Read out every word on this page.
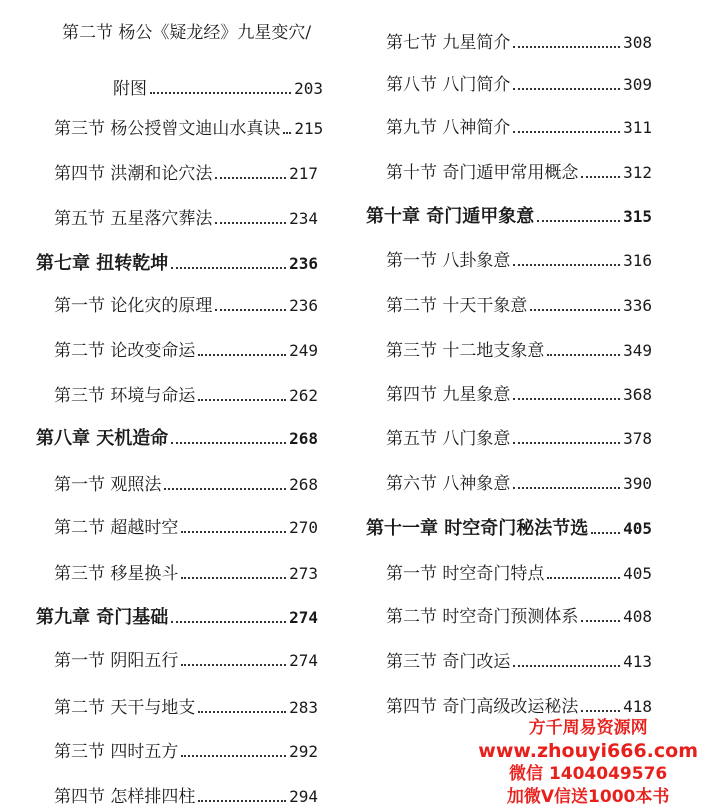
第二节 杨公《疑龙经》九星变穴/
附图	203
第三节 杨公授曾文迪山水真诀 215
第四节 洪潮和论穴法	217
第五节 五星落穴葬法	234
第七章 扭转乾坤	236
第一节 论化灾的原理	236
第二节 论改变命运	249
第三节 环境与命运	262
第八章 天机造命	268
第一节 观照法	268
第二节 超越时空	270
第三节 移星换斗	273
第九章 奇门基础	274
第一节 阴阳五行	274
第二节 天干与地支	283
第三节 四时五方	292
第四节 怎样排四柱	294
第七节 九星简介	308
第八节 八门简介	309
第九节 八神简介	311
第十节 奇门遁甲常用概念	312
第十章 奇门遁甲象意	315
第一节 八卦象意	316
第二节 十天干象意	336
第三节 十二地支象意	349
第四节 九星象意	368
第五节 八门象意	378
第六节 八神象意	390
第十一章 时空奇门秘法节选 405
第一节 时空奇门特点	405
第二节 时空奇门预测体系	408
第三节 奇门改运	413
第四节 奇门高级改运秘法	418
方千周易资源网
www.zhouyi666.com
微信 1404049576
加微V信送1000本书
